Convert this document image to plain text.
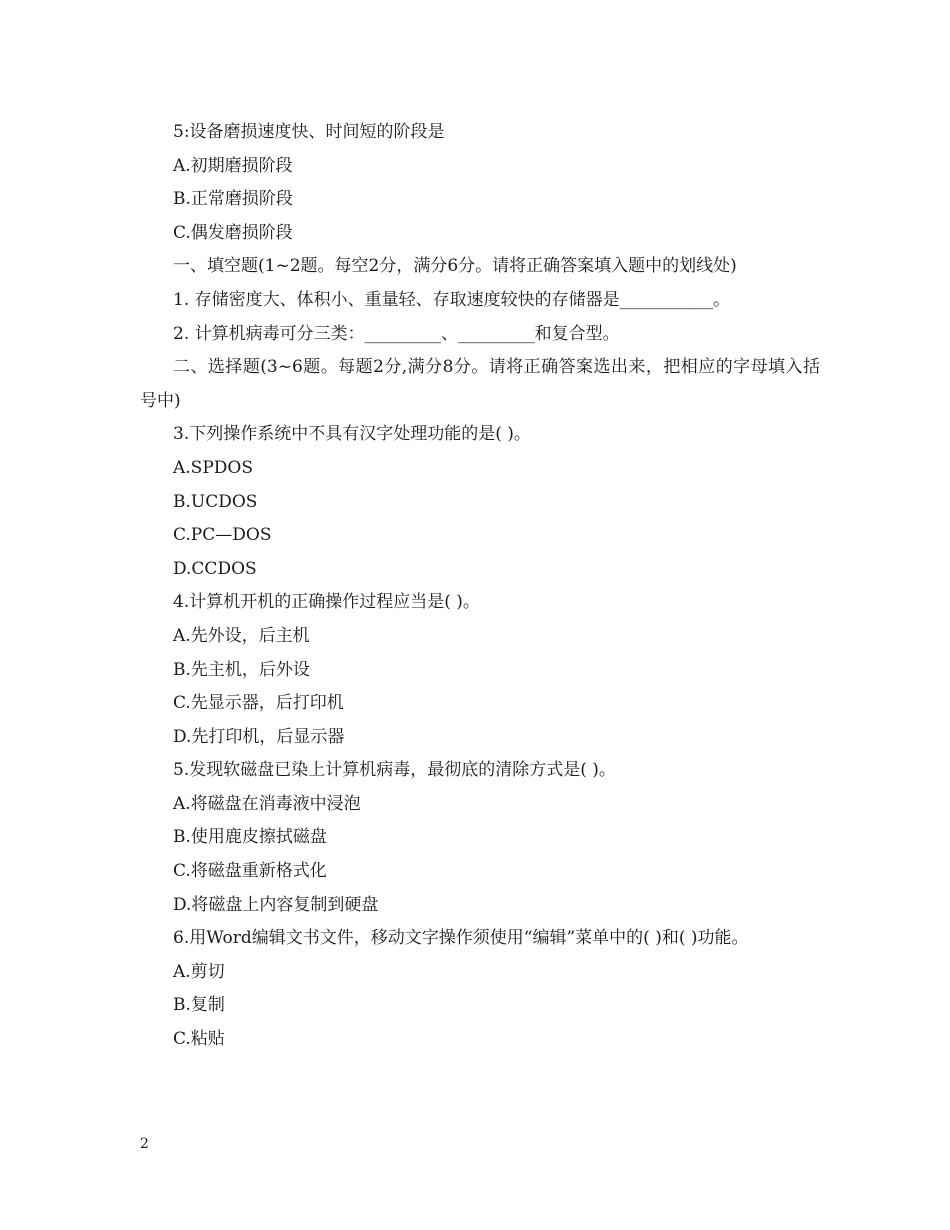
5:设备磨损速度快、时间短的阶段是
A.初期磨损阶段
B.正常磨损阶段
C.偶发磨损阶段
一、填空题(1~2题。每空2分，满分6分。请将正确答案填入题中的划线处)
1. 存储密度大、体积小、重量轻、存取速度较快的存储器是___________。
2. 计算机病毒可分三类：_________、_________和复合型。
二、选择题(3~6题。每题2分,满分8分。请将正确答案选出来，把相应的字母填入括号中)
3.下列操作系统中不具有汉字处理功能的是( )。
A.SPDOS
B.UCDOS
C.PC—DOS
D.CCDOS
4.计算机开机的正确操作过程应当是( )。
A.先外设，后主机
B.先主机，后外设
C.先显示器，后打印机
D.先打印机，后显示器
5.发现软磁盘已染上计算机病毒，最彻底的清除方式是( )。
A.将磁盘在消毒液中浸泡
B.使用鹿皮擦拭磁盘
C.将磁盘重新格式化
D.将磁盘上内容复制到硬盘
6.用Word编辑文书文件，移动文字操作须使用“编辑”菜单中的( )和( )功能。
A.剪切
B.复制
C.粘贴
2
